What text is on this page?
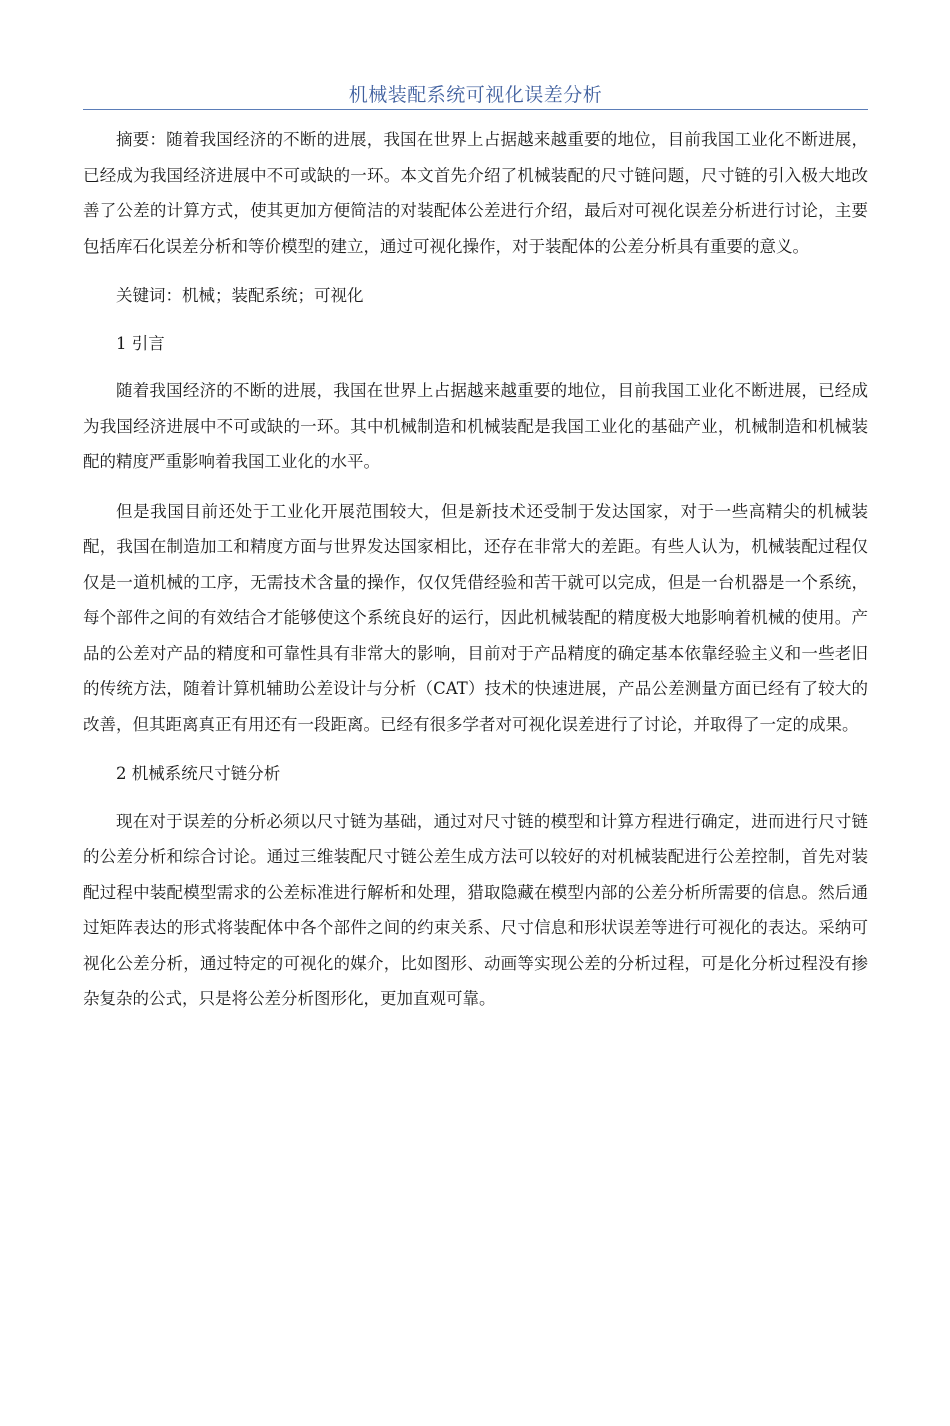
机械装配系统可视化误差分析

摘要：随着我国经济的不断的进展，我国在世界上占据越来越重要的地位，目前我国工业化不断进展，已经成为我国经济进展中不可或缺的一环。本文首先介绍了机械装配的尺寸链问题，尺寸链的引入极大地改善了公差的计算方式，使其更加方便简洁的对装配体公差进行介绍，最后对可视化误差分析进行讨论，主要包括库石化误差分析和等价模型的建立，通过可视化操作，对于装配体的公差分析具有重要的意义。

关键词：机械；装配系统；可视化

1 引言

随着我国经济的不断的进展，我国在世界上占据越来越重要的地位，目前我国工业化不断进展，已经成为我国经济进展中不可或缺的一环。其中机械制造和机械装配是我国工业化的基础产业，机械制造和机械装配的精度严重影响着我国工业化的水平。

但是我国目前还处于工业化开展范围较大，但是新技术还受制于发达国家，对于一些高精尖的机械装配，我国在制造加工和精度方面与世界发达国家相比，还存在非常大的差距。有些人认为，机械装配过程仅仅是一道机械的工序，无需技术含量的操作，仅仅凭借经验和苦干就可以完成，但是一台机器是一个系统，每个部件之间的有效结合才能够使这个系统良好的运行，因此机械装配的精度极大地影响着机械的使用。产品的公差对产品的精度和可靠性具有非常大的影响，目前对于产品精度的确定基本依靠经验主义和一些老旧的传统方法，随着计算机辅助公差设计与分析（CAT）技术的快速进展，产品公差测量方面已经有了较大的改善，但其距离真正有用还有一段距离。已经有很多学者对可视化误差进行了讨论，并取得了一定的成果。

2 机械系统尺寸链分析

现在对于误差的分析必须以尺寸链为基础，通过对尺寸链的模型和计算方程进行确定，进而进行尺寸链的公差分析和综合讨论。通过三维装配尺寸链公差生成方法可以较好的对机械装配进行公差控制，首先对装配过程中装配模型需求的公差标准进行解析和处理，猎取隐藏在模型内部的公差分析所需要的信息。然后通过矩阵表达的形式将装配体中各个部件之间的约束关系、尺寸信息和形状误差等进行可视化的表达。采纳可视化公差分析，通过特定的可视化的媒介，比如图形、动画等实现公差的分析过程，可是化分析过程没有掺杂复杂的公式，只是将公差分析图形化，更加直观可靠。
